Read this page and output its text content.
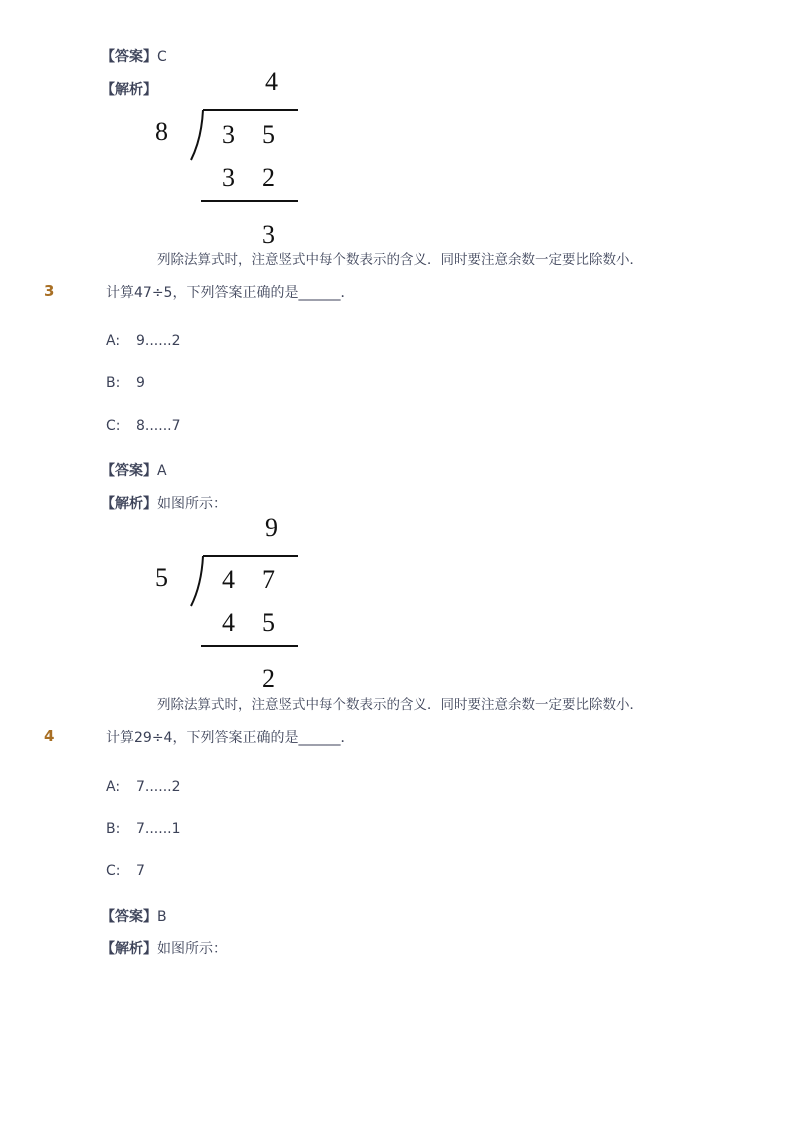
【答案】C
【解析】	4
8 3 5
3 2
3
列除法算式时，注意竖式中每个数表示的含义．同时要注意余数一定要比除数小．
3	计算47÷5，下列答案正确的是______．
A: 9......2
B: 9
C: 8......7
【答案】A
【解析】如图所示：
9
5 4 7
4 5
2
列除法算式时，注意竖式中每个数表示的含义．同时要注意余数一定要比除数小．
4	计算29÷4，下列答案正确的是______．
A: 7......2
B: 7......1
C: 7
【答案】B
【解析】如图所示：
